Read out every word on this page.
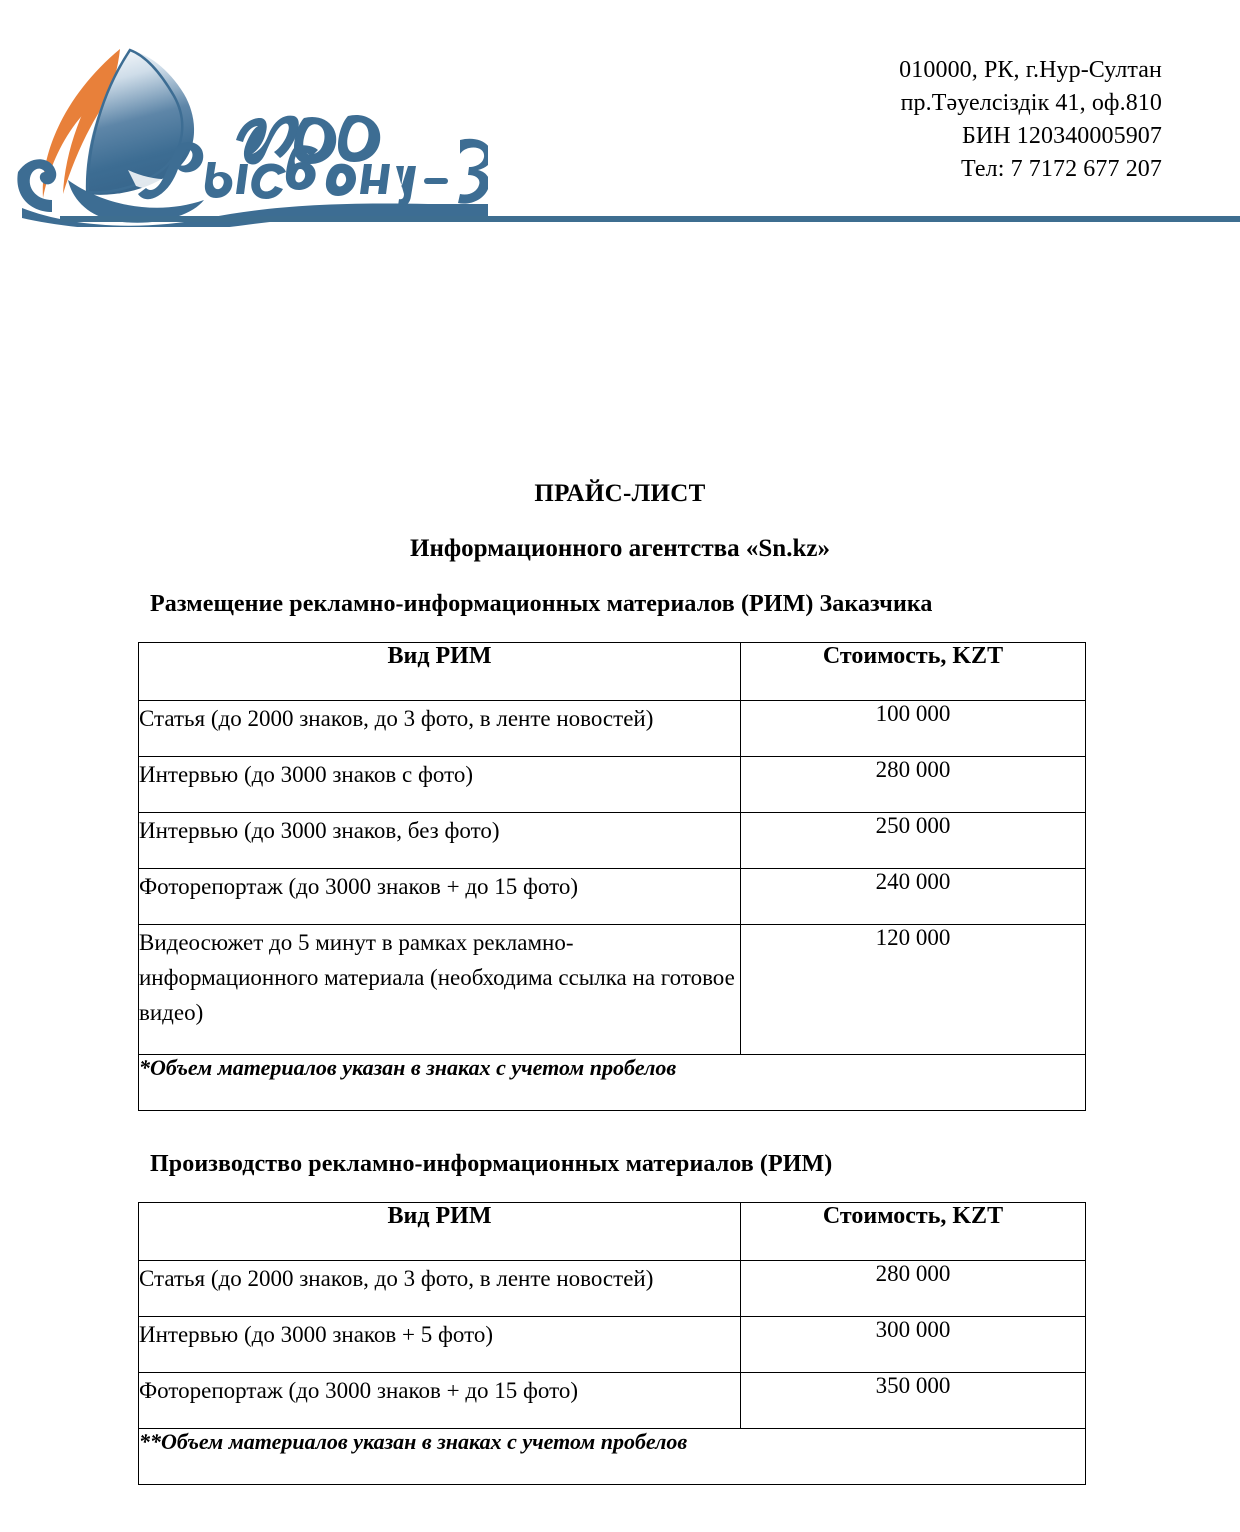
010000, РК, г.Нур-Султан
пр.Тәуелсіздік 41, оф.810
БИН 120340005907
Тел: 7 7172 677 207
ПРАЙС-ЛИСТ
Информационного агентства «Sn.kz»
Размещение рекламно-информационных материалов (РИМ) Заказчика
Вид РИМ	Стоимость, KZT
Статья (до 2000 знаков, до 3 фото, в ленте новостей)	100 000
Интервью (до 3000 знаков с фото)	280 000
Интервью (до 3000 знаков, без фото)	250 000
Фоторепортаж (до 3000 знаков + до 15 фото)	240 000
Видеосюжет до 5 минут в рамках рекламно-информационного материала (необходима ссылка на готовое видео)	120 000
*Объем материалов указан в знаках с учетом пробелов	
Производство рекламно-информационных материалов (РИМ)
Вид РИМ	Стоимость, KZT
Статья (до 2000 знаков, до 3 фото, в ленте новостей)	280 000
Интервью (до 3000 знаков + 5 фото)	300 000
Фоторепортаж (до 3000 знаков + до 15 фото)	350 000
**Объем материалов указан в знаках с учетом пробелов	
